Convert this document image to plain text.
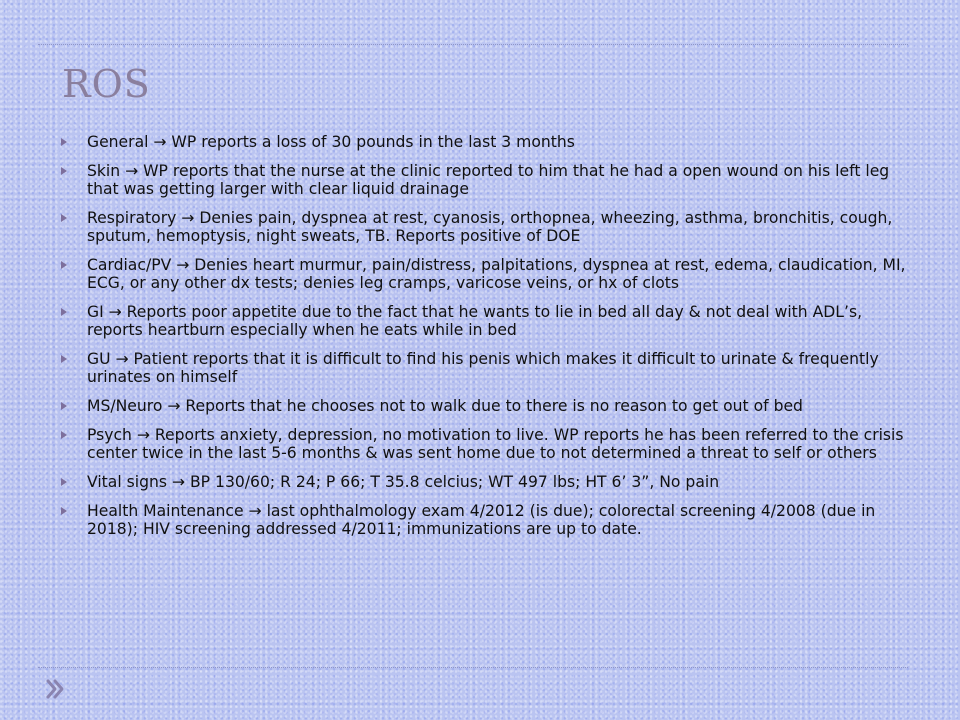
ROS
General → WP reports a loss of 30 pounds in the last 3 months
Skin → WP reports that the nurse at the clinic reported to him that he had a open wound on his left leg that was getting larger with clear liquid drainage
Respiratory → Denies pain, dyspnea at rest, cyanosis, orthopnea, wheezing, asthma, bronchitis, cough, sputum, hemoptysis, night sweats, TB. Reports positive of DOE
Cardiac/PV → Denies heart murmur, pain/distress, palpitations, dyspnea at rest, edema, claudication, MI, ECG, or any other dx tests; denies leg cramps, varicose veins, or hx of clots
GI → Reports poor appetite due to the fact that he wants to lie in bed all day & not deal with ADL’s, reports heartburn especially when he eats while in bed
GU → Patient reports that it is difficult to find his penis which makes it difficult to urinate & frequently urinates on himself
MS/Neuro → Reports that he chooses not to walk due to there is no reason to get out of bed
Psych → Reports anxiety, depression, no motivation to live. WP reports he has been referred to the crisis center twice in the last 5-6 months & was sent home due to not determined a threat to self or others
Vital signs → BP 130/60; R 24; P 66; T 35.8 celcius; WT 497 lbs; HT 6’ 3”, No pain
Health Maintenance → last ophthalmology exam 4/2012 (is due); colorectal screening 4/2008 (due in 2018); HIV screening addressed 4/2011; immunizations are up to date.
